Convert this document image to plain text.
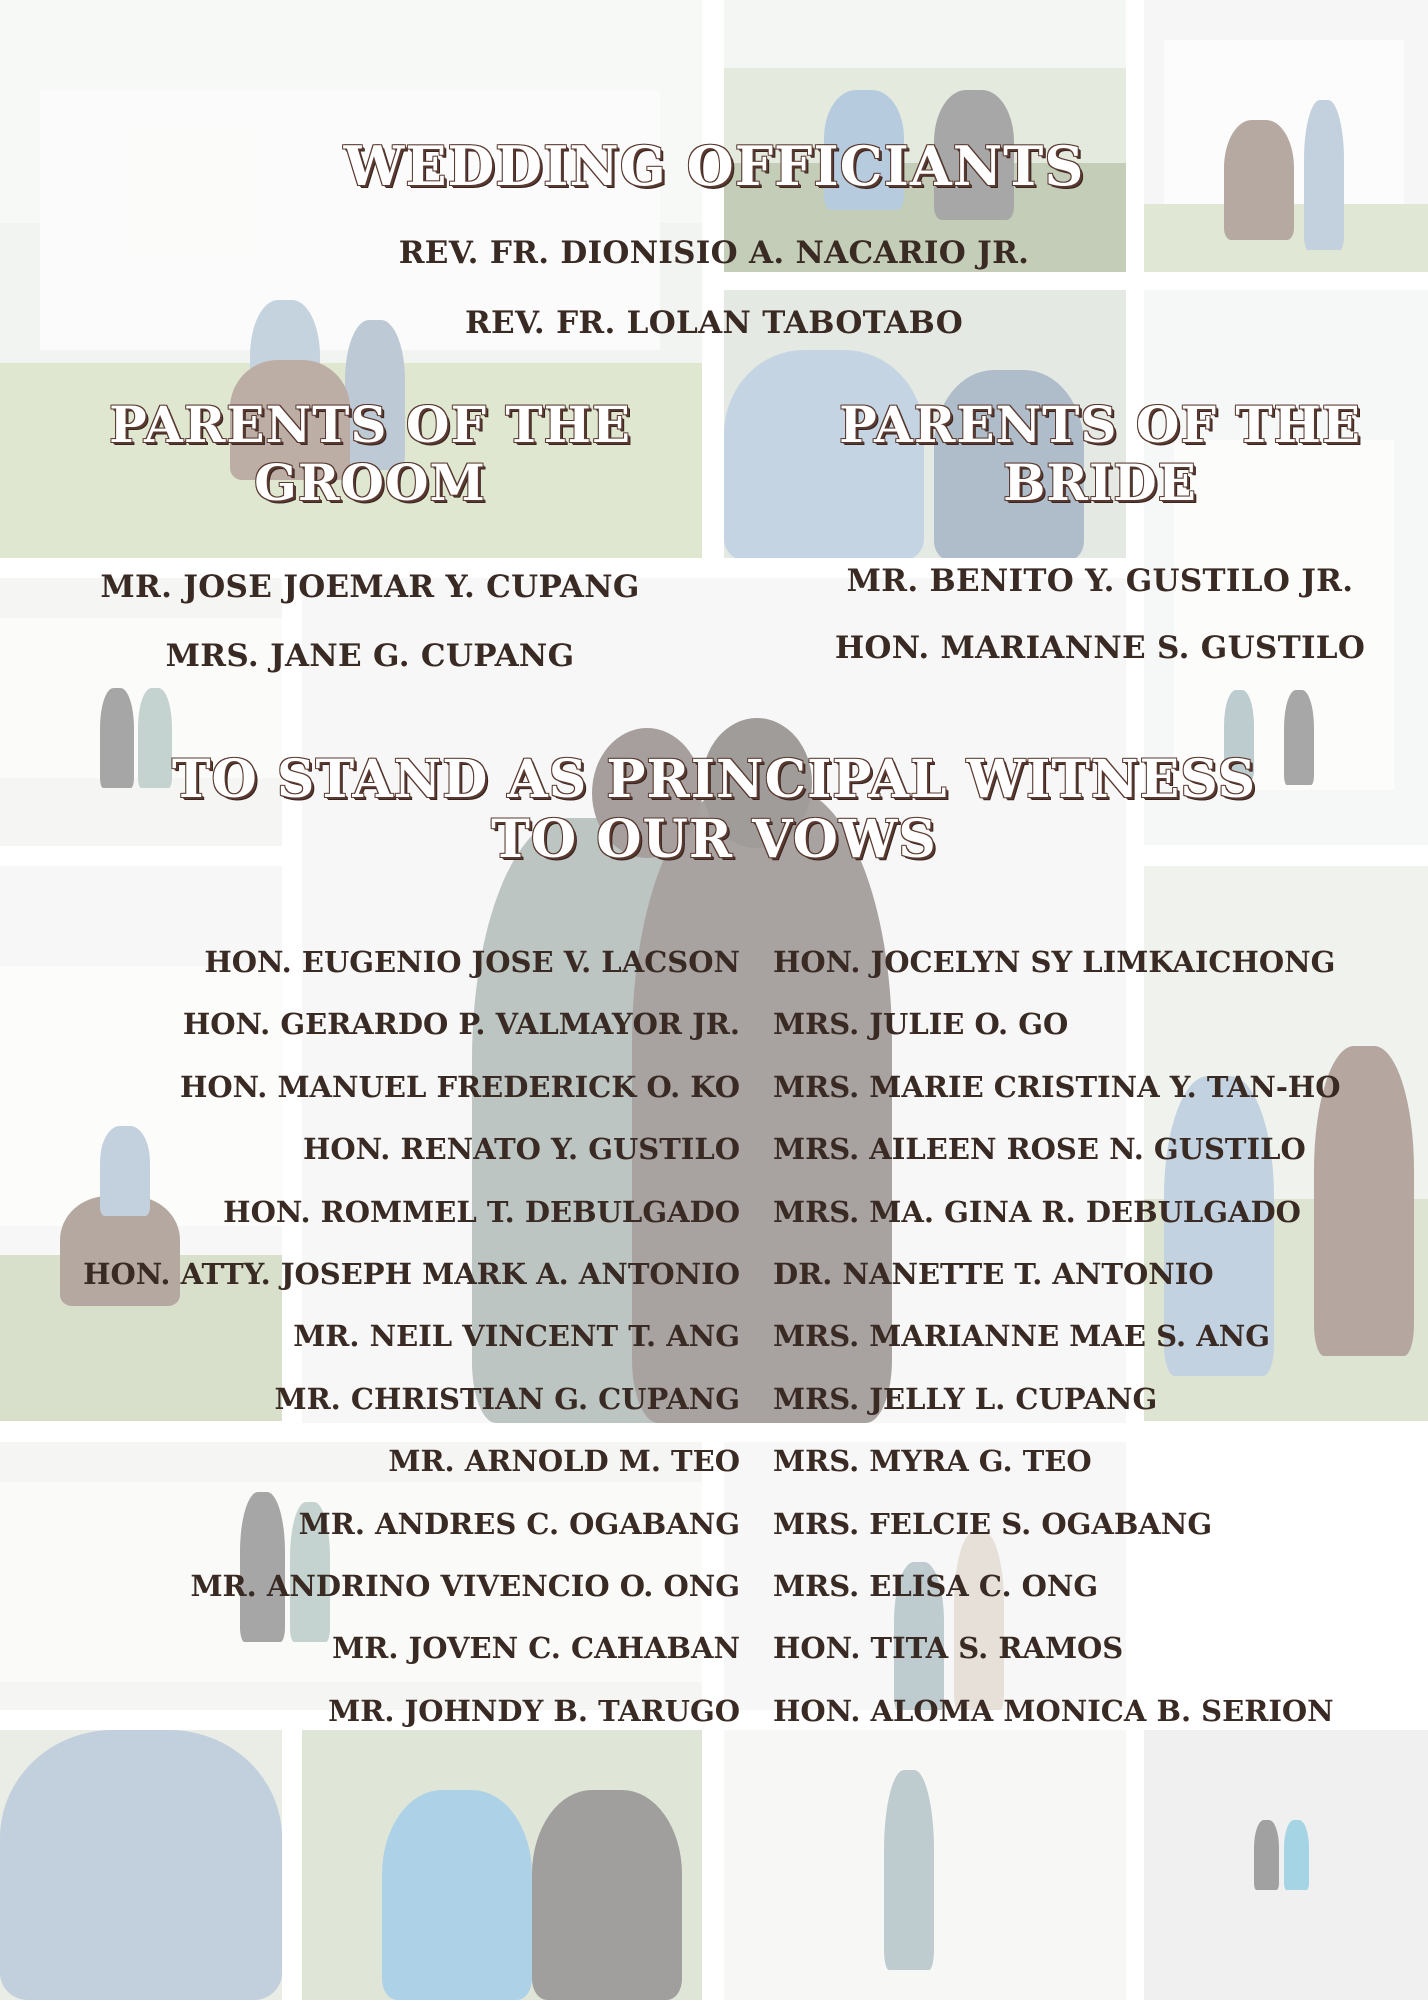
WEDDING OFFICIANTS

REV. FR. DIONISIO A. NACARIO JR.

REV. FR. LOLAN TABOTABO

PARENTS OF THE
GROOM

MR. JOSE JOEMAR Y. CUPANG

MRS. JANE G. CUPANG

PARENTS OF THE
BRIDE

MR. BENITO Y. GUSTILO JR.

HON. MARIANNE S. GUSTILO

TO STAND AS PRINCIPAL WITNESS
TO OUR VOWS
HON. EUGENIO JOSE V. LACSON
HON. GERARDO P. VALMAYOR JR.
HON. MANUEL FREDERICK O. KO
HON. RENATO Y. GUSTILO
HON. ROMMEL T. DEBULGADO
HON. ATTY. JOSEPH MARK A. ANTONIO
MR. NEIL VINCENT T. ANG
MR. CHRISTIAN G. CUPANG
MR. ARNOLD M. TEO
MR. ANDRES C. OGABANG
MR. ANDRINO VIVENCIO O. ONG
MR. JOVEN C. CAHABAN
MR. JOHNDY B. TARUGO
HON. JOCELYN SY LIMKAICHONG
MRS. JULIE O. GO
MRS. MARIE CRISTINA Y. TAN-HO
MRS. AILEEN ROSE N. GUSTILO
MRS. MA. GINA R. DEBULGADO
DR. NANETTE T. ANTONIO
MRS. MARIANNE MAE S. ANG
MRS. JELLY L. CUPANG
MRS. MYRA G. TEO
MRS. FELCIE S. OGABANG
MRS. ELISA C. ONG
HON. TITA S. RAMOS
HON. ALOMA MONICA B. SERION
